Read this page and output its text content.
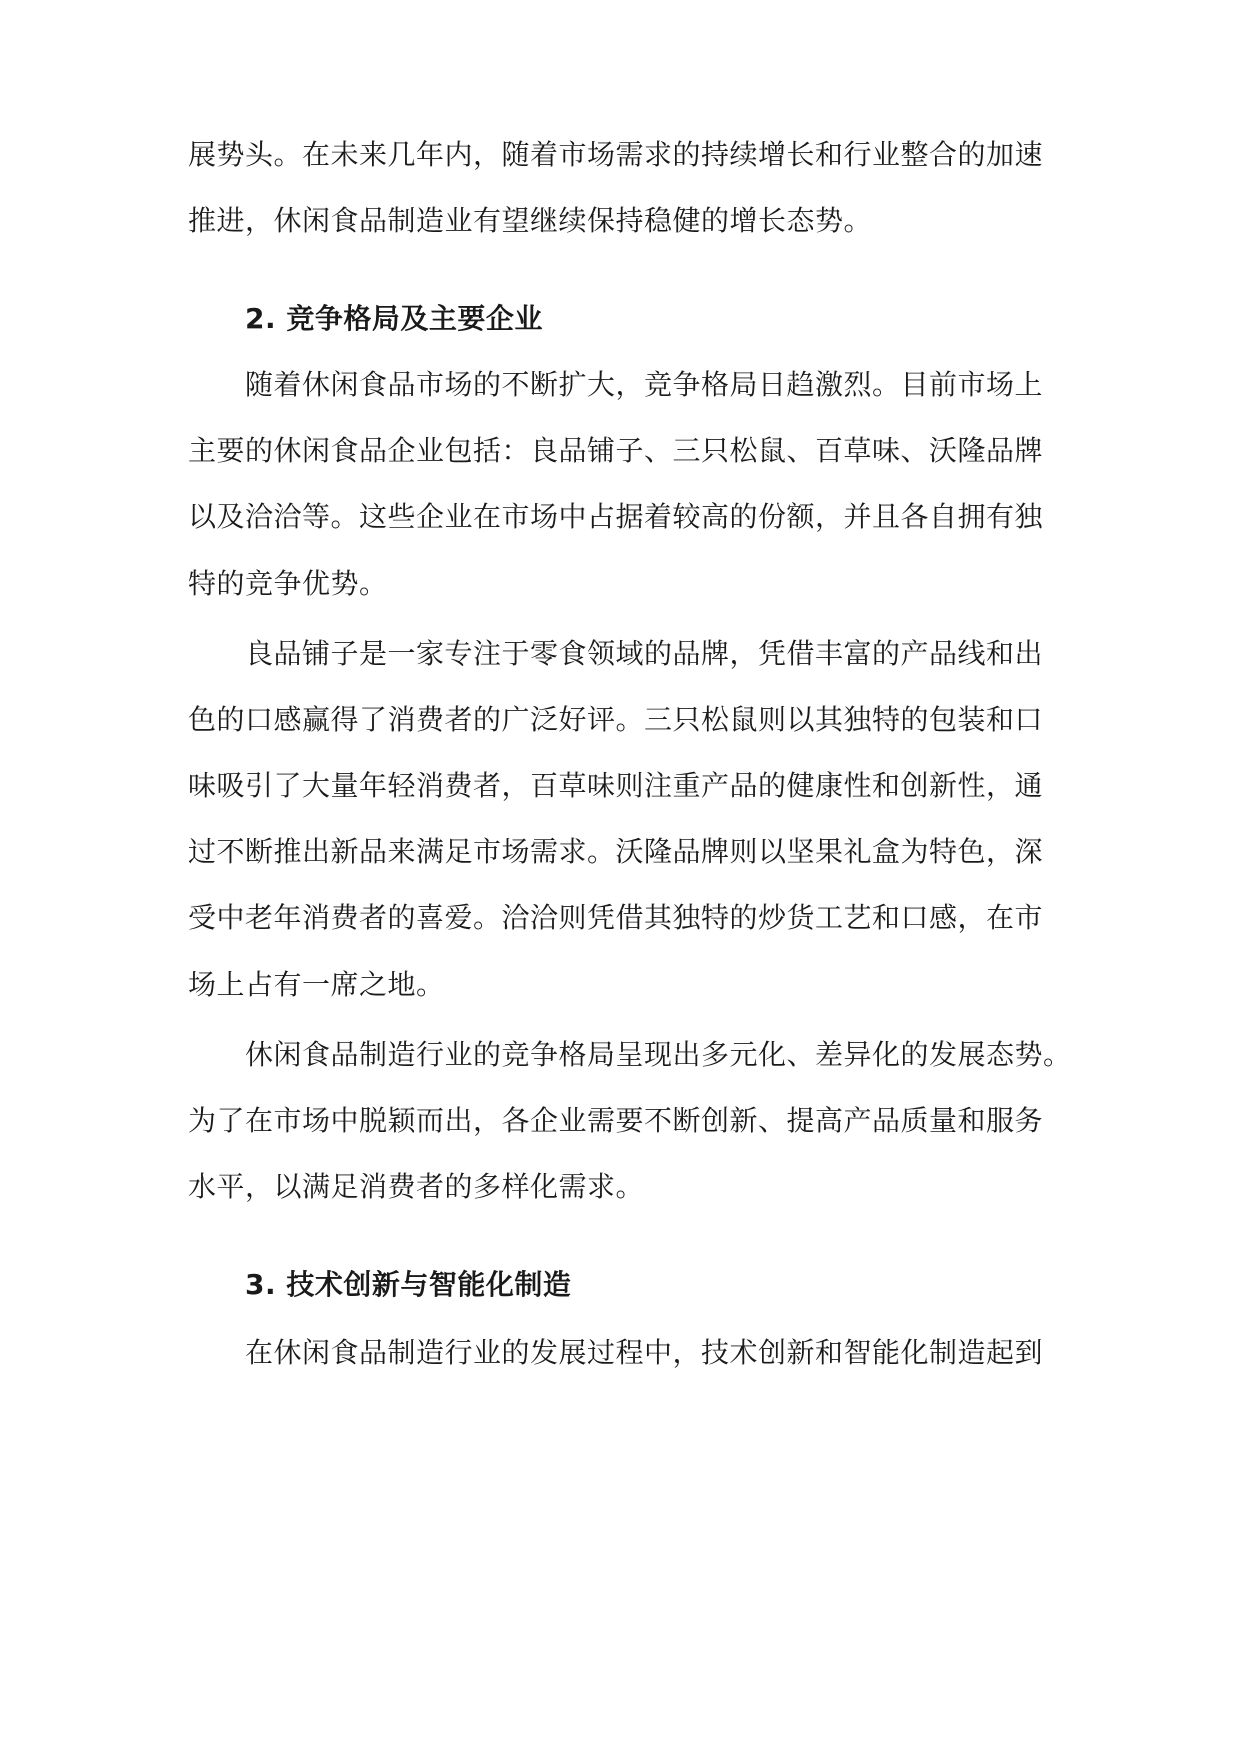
展势头。在未来几年内，随着市场需求的持续增长和行业整合的加速
推进，休闲食品制造业有望继续保持稳健的增长态势。
2. 竞争格局及主要企业
随着休闲食品市场的不断扩大，竞争格局日趋激烈。目前市场上
主要的休闲食品企业包括：良品铺子、三只松鼠、百草味、沃隆品牌
以及洽洽等。这些企业在市场中占据着较高的份额，并且各自拥有独
特的竞争优势。
良品铺子是一家专注于零食领域的品牌，凭借丰富的产品线和出
色的口感赢得了消费者的广泛好评。三只松鼠则以其独特的包装和口
味吸引了大量年轻消费者，百草味则注重产品的健康性和创新性，通
过不断推出新品来满足市场需求。沃隆品牌则以坚果礼盒为特色，深
受中老年消费者的喜爱。洽洽则凭借其独特的炒货工艺和口感，在市
场上占有一席之地。
休闲食品制造行业的竞争格局呈现出多元化、差异化的发展态势。
为了在市场中脱颖而出，各企业需要不断创新、提高产品质量和服务
水平，以满足消费者的多样化需求。
3. 技术创新与智能化制造
在休闲食品制造行业的发展过程中，技术创新和智能化制造起到
